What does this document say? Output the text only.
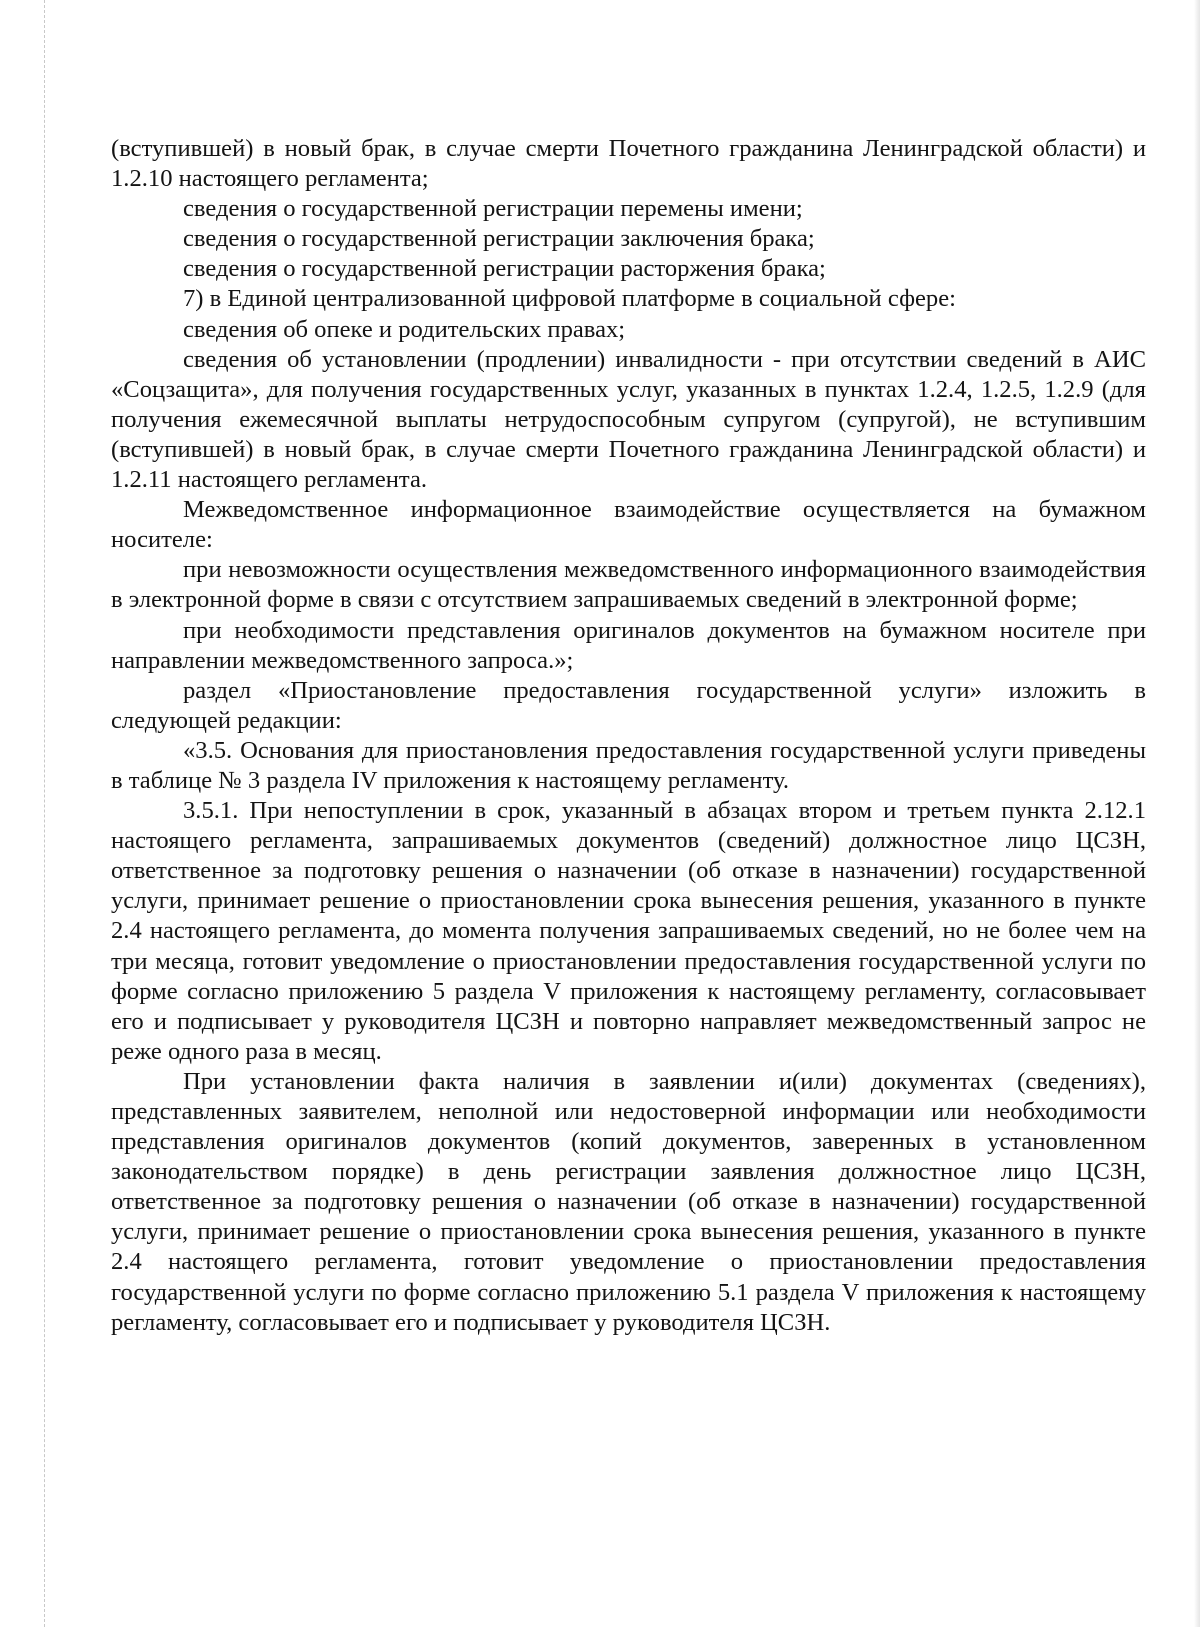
(вступившей) в новый брак, в случае смерти Почетного гражданина Ленинградской области) и 1.2.10 настоящего регламента;

сведения о государственной регистрации перемены имени;

сведения о государственной регистрации заключения брака;

сведения о государственной регистрации расторжения брака;

7) в Единой централизованной цифровой платформе в социальной сфере:

сведения об опеке и родительских правах;

сведения об установлении (продлении) инвалидности - при отсутствии сведений в АИС «Соцзащита», для получения государственных услуг, указанных в пунктах 1.2.4, 1.2.5, 1.2.9 (для получения ежемесячной выплаты нетрудоспособным супругом (супругой), не вступившим (вступившей) в новый брак, в случае смерти Почетного гражданина Ленинградской области) и 1.2.11 настоящего регламента.

Межведомственное информационное взаимодействие осуществляется на бумажном носителе:

при невозможности осуществления межведомственного информационного взаимодействия в электронной форме в связи с отсутствием запрашиваемых сведений в электронной форме;

при необходимости представления оригиналов документов на бумажном носителе при направлении межведомственного запроса.»;

раздел «Приостановление предоставления государственной услуги» изложить в следующей редакции:

«3.5. Основания для приостановления предоставления государственной услуги приведены в таблице № 3 раздела IV приложения к настоящему регламенту.

3.5.1. При непоступлении в срок, указанный в абзацах втором и третьем пункта 2.12.1 настоящего регламента, запрашиваемых документов (сведений) должностное лицо ЦСЗН, ответственное за подготовку решения о назначении (об отказе в назначении) государственной услуги, принимает решение о приостановлении срока вынесения решения, указанного в пункте 2.4 настоящего регламента, до момента получения запрашиваемых сведений, но не более чем на три месяца, готовит уведомление о приостановлении предоставления государственной услуги по форме согласно приложению 5 раздела V приложения к настоящему регламенту, согласовывает его и подписывает у руководителя ЦСЗН и повторно направляет межведомственный запрос не реже одного раза в месяц.

При установлении факта наличия в заявлении и(или) документах (сведениях), представленных заявителем, неполной или недостоверной информации или необходимости представления оригиналов документов (копий документов, заверенных в установленном законодательством порядке) в день регистрации заявления должностное лицо ЦСЗН, ответственное за подготовку решения о назначении (об отказе в назначении) государственной услуги, принимает решение о приостановлении срока вынесения решения, указанного в пункте 2.4 настоящего регламента, готовит уведомление о приостановлении предоставления государственной услуги по форме согласно приложению 5.1 раздела V приложения к настоящему регламенту, согласовывает его и подписывает у руководителя ЦСЗН.
